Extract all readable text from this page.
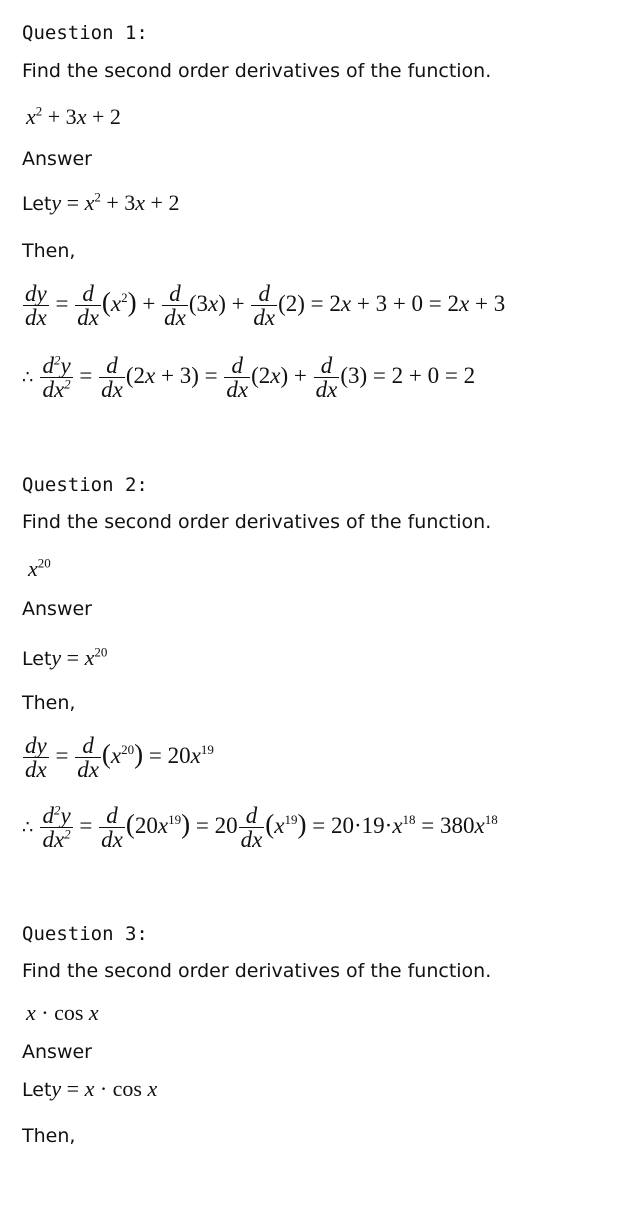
Question 1:
Find the second order derivatives of the function.
$x^2 + 3x + 2$
Answer
Lety = $x^2 + 3x + 2$
Then,
$\frac{dy}{dx} = \frac{d}{dx} (x^2) + \frac{d}{dx} (3x) + \frac{d}{dx} (2) = 2x + 3 + 0 = 2x + 3$
∴ $\frac{d^2y}{dx^2} = \frac{d}{dx} (2x + 3) = \frac{d}{dx} (2x) + \frac{d}{dx} (3) = 2 + 0 = 2$
Question 2:
Find the second order derivatives of the function.
$x^{20}$
Answer
Lety = $x^{20}$
Then,
$\frac{dy}{dx} = \frac{d}{dx} (x^{20}) = 20x^{19}$
∴ $\frac{d^2y}{dx^2} = \frac{d}{dx} (20x^{19}) = 20 \frac{d}{dx} (x^{19}) = 20\cdot 19\cdot x^{18} = 380x^{18}$
Question 3:
Find the second order derivatives of the function.
x · cos x
Answer
Lety = x · cos x
Then,
